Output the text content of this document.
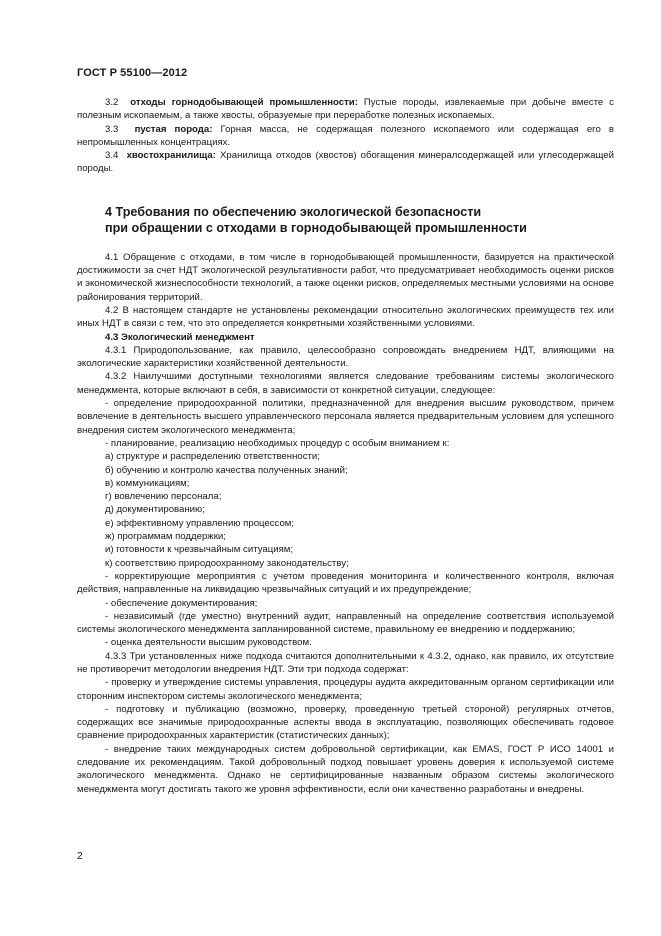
ГОСТ Р 55100—2012

3.2 отходы горнодобывающей промышленности: Пустые породы, извлекаемые при добыче вместе с полезным ископаемым, а также хвосты, образуемые при переработке полезных ископаемых.

3.3 пустая порода: Горная масса, не содержащая полезного ископаемого или содержащая его в непромышленных концентрациях.

3.4 хвостохранилища: Хранилища отходов (хвостов) обогащения минералсодержащей или углесодержащей породы.

4 Требования по обеспечению экологической безопасности
при обращении с отходами в горнодобывающей промышленности

4.1 Обращение с отходами, в том числе в горнодобывающей промышленности, базируется на практической достижимости за счет НДТ экологической результативности работ, что предусматривает необходимость оценки рисков и экономической жизнеспособности технологий, а также оценки рисков, определяемых местными условиями на основе районирования территорий.

4.2 В настоящем стандарте не установлены рекомендации относительно экологических преимуществ тех или иных НДТ в связи с тем, что это определяется конкретными хозяйственными условиями.

4.3 Экологический менеджмент

4.3.1 Природопользование, как правило, целесообразно сопровождать внедрением НДТ, влияющими на экологические характеристики хозяйственной деятельности.

4.3.2 Наилучшими доступными технологиями является следование требованиям системы экологического менеджмента, которые включают в себя, в зависимости от конкретной ситуации, следующее:

- определение природоохранной политики, предназначенной для внедрения высшим руководством, причем вовлечение в деятельность высшего управленческого персонала является предварительным условием для успешного внедрения систем экологического менеджмента;
- планирование, реализацию необходимых процедур с особым вниманием к:
а) структуре и распределению ответственности;
б) обучению и контролю качества полученных знаний;
в) коммуникациям;
г) вовлечению персонала;
д) документированию;
е) эффективному управлению процессом;
ж) программам поддержки;
и) готовности к чрезвычайным ситуациям;
к) соответствию природоохранному законодательству;
- корректирующие мероприятия с учетом проведения мониторинга и количественного контроля, включая действия, направленные на ликвидацию чрезвычайных ситуаций и их предупреждение;
- обеспечение документирования;
- независимый (где уместно) внутренний аудит, направленный на определение соответствия используемой системы экологического менеджмента запланированной системе, правильному ее внедрению и поддержанию;
- оценка деятельности высшим руководством.

4.3.3 Три установленных ниже подхода считаются дополнительными к 4.3.2, однако, как правило, их отсутствие не противоречит методологии внедрения НДТ. Эти три подхода содержат:

- проверку и утверждение системы управления, процедуры аудита аккредитованным органом сертификации или сторонним инспектором системы экологического менеджмента;
- подготовку и публикацию (возможно, проверку, проведенную третьей стороной) регулярных отчетов, содержащих все значимые природоохранные аспекты ввода в эксплуатацию, позволяющих обеспечивать годовое сравнение природоохранных характеристик (статистических данных);
- внедрение таких международных систем добровольной сертификации, как EMAS, ГОСТ Р ИСО 14001 и следование их рекомендациям. Такой добровольный подход повышает уровень доверия к используемой системе экологического менеджмента. Однако не сертифицированные названным образом системы экологического менеджмента могут достигать такого же уровня эффективности, если они качественно разработаны и внедрены.
2
